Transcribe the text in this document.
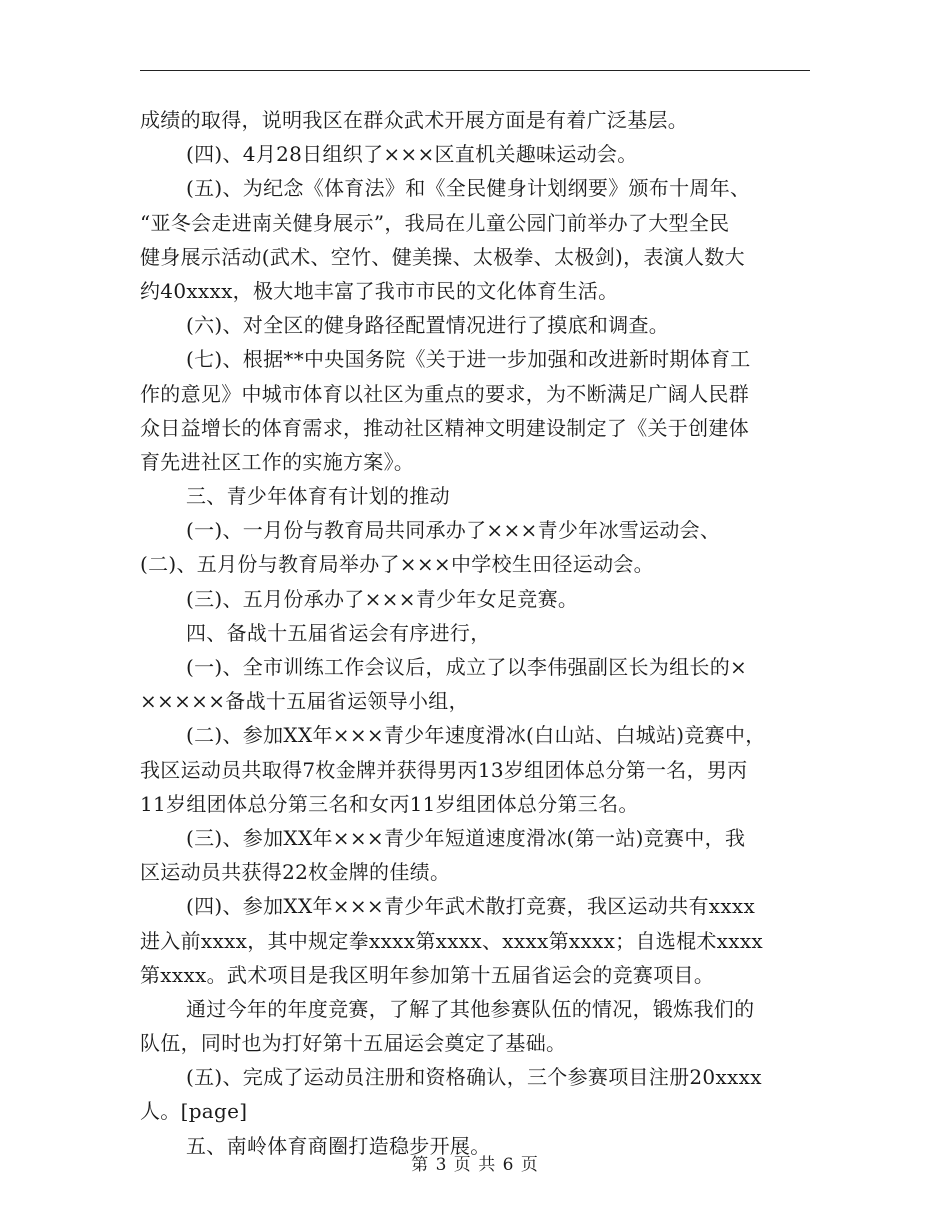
成绩的取得，说明我区在群众武术开展方面是有着广泛基层。
(四)、4月28日组织了×××区直机关趣味运动会。
(五)、为纪念《体育法》和《全民健身计划纲要》颁布十周年、
“亚冬会走进南关健身展示”，我局在儿童公园门前举办了大型全民
健身展示活动(武术、空竹、健美操、太极拳、太极剑)，表演人数大
约40xxxx，极大地丰富了我市市民的文化体育生活。
(六)、对全区的健身路径配置情况进行了摸底和调查。
(七)、根据**中央国务院《关于进一步加强和改进新时期体育工
作的意见》中城市体育以社区为重点的要求，为不断满足广阔人民群
众日益增长的体育需求，推动社区精神文明建设制定了《关于创建体
育先进社区工作的实施方案》。
三、青少年体育有计划的推动
(一)、一月份与教育局共同承办了×××青少年冰雪运动会、
(二)、五月份与教育局举办了×××中学校生田径运动会。
(三)、五月份承办了×××青少年女足竞赛。
四、备战十五届省运会有序进行，
(一)、全市训练工作会议后，成立了以李伟强副区长为组长的×
×××××备战十五届省运领导小组，
(二)、参加XX年×××青少年速度滑冰(白山站、白城站)竞赛中，
我区运动员共取得7枚金牌并获得男丙13岁组团体总分第一名，男丙
11岁组团体总分第三名和女丙11岁组团体总分第三名。
(三)、参加XX年×××青少年短道速度滑冰(第一站)竞赛中，我
区运动员共获得22枚金牌的佳绩。
(四)、参加XX年×××青少年武术散打竞赛，我区运动共有xxxx
进入前xxxx，其中规定拳xxxx第xxxx、xxxx第xxxx；自选棍术xxxx
第xxxx。武术项目是我区明年参加第十五届省运会的竞赛项目。
通过今年的年度竞赛，了解了其他参赛队伍的情况，锻炼我们的
队伍，同时也为打好第十五届运会奠定了基础。
(五)、完成了运动员注册和资格确认，三个参赛项目注册20xxxx
人。[page]
五、南岭体育商圈打造稳步开展。
第 3 页 共 6 页
